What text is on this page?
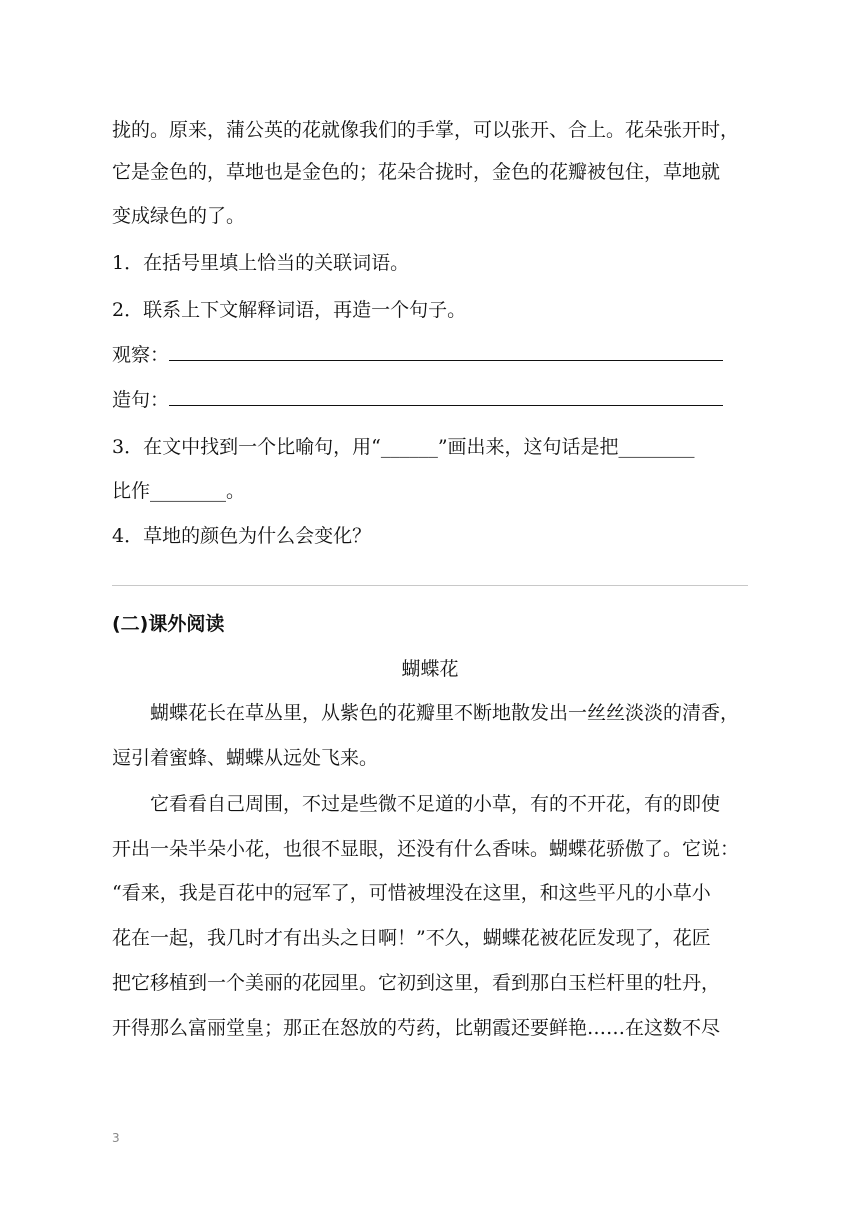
拢的。原来，蒲公英的花就像我们的手掌，可以张开、合上。花朵张开时，
它是金色的，草地也是金色的；花朵合拢时，金色的花瓣被包住，草地就
变成绿色的了。
1．在括号里填上恰当的关联词语。
2．联系上下文解释词语，再造一个句子。
观察：
造句：
3．在文中找到一个比喻句，用“______”画出来，这句话是把________
比作________。
4．草地的颜色为什么会变化？
(二)课外阅读
蝴蝶花
蝴蝶花长在草丛里，从紫色的花瓣里不断地散发出一丝丝淡淡的清香，
逗引着蜜蜂、蝴蝶从远处飞来。
它看看自己周围，不过是些微不足道的小草，有的不开花，有的即使
开出一朵半朵小花，也很不显眼，还没有什么香味。蝴蝶花骄傲了。它说：
“看来，我是百花中的冠军了，可惜被埋没在这里，和这些平凡的小草小
花在一起，我几时才有出头之日啊！”不久，蝴蝶花被花匠发现了，花匠
把它移植到一个美丽的花园里。它初到这里，看到那白玉栏杆里的牡丹，
开得那么富丽堂皇；那正在怒放的芍药，比朝霞还要鲜艳……在这数不尽
3
